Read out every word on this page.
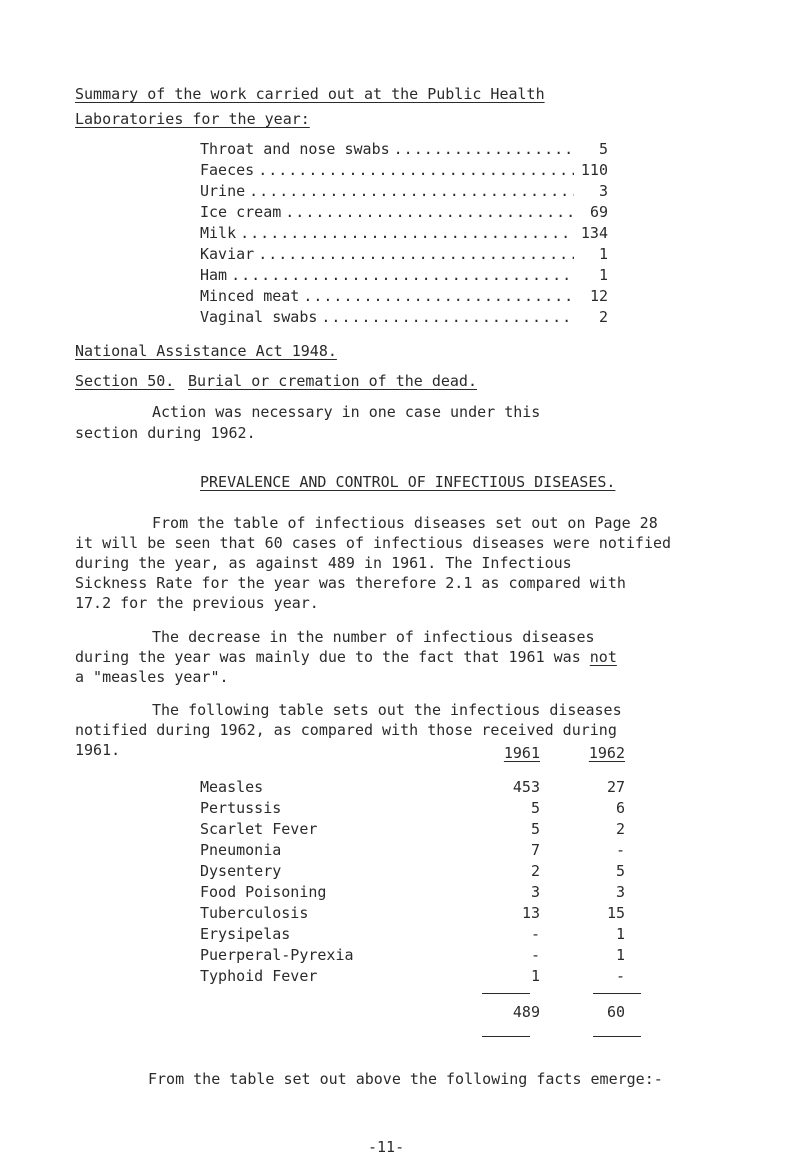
Summary of the work carried out at the Public Health
Laboratories for the year:
Throat and nose swabs .....	5
Faeces .....	110
Urine .....	3
Ice cream .....	69
Milk .....	134
Kaviar .....	1
Ham .....	1
Minced meat .....	12
Vaginal swabs .....	2
National Assistance Act 1948.
Section 50. Burial or cremation of the dead.
Action was necessary in one case under this
section during 1962.
PREVALENCE AND CONTROL OF INFECTIOUS DISEASES.
From the table of infectious diseases set out on Page 28
it will be seen that 60 cases of infectious diseases were notified
during the year, as against 489 in 1961. The Infectious
Sickness Rate for the year was therefore 2.1 as compared with
17.2 for the previous year.
The decrease in the number of infectious diseases
during the year was mainly due to the fact that 1961 was not
a "measles year".
The following table sets out the infectious diseases
notified during 1962, as compared with those received during
1961.	1961	1962
Measles	453	27
Pertussis	5	6
Scarlet Fever	5	2
Pneumonia	7	-
Dysentery	2	5
Food Poisoning	3	3
Tuberculosis	13	15
Erysipelas	-	1
Puerperal-Pyrexia	-	1
Typhoid Fever	1	-
489	60
From the table set out above the following facts emerge:-
-11-
